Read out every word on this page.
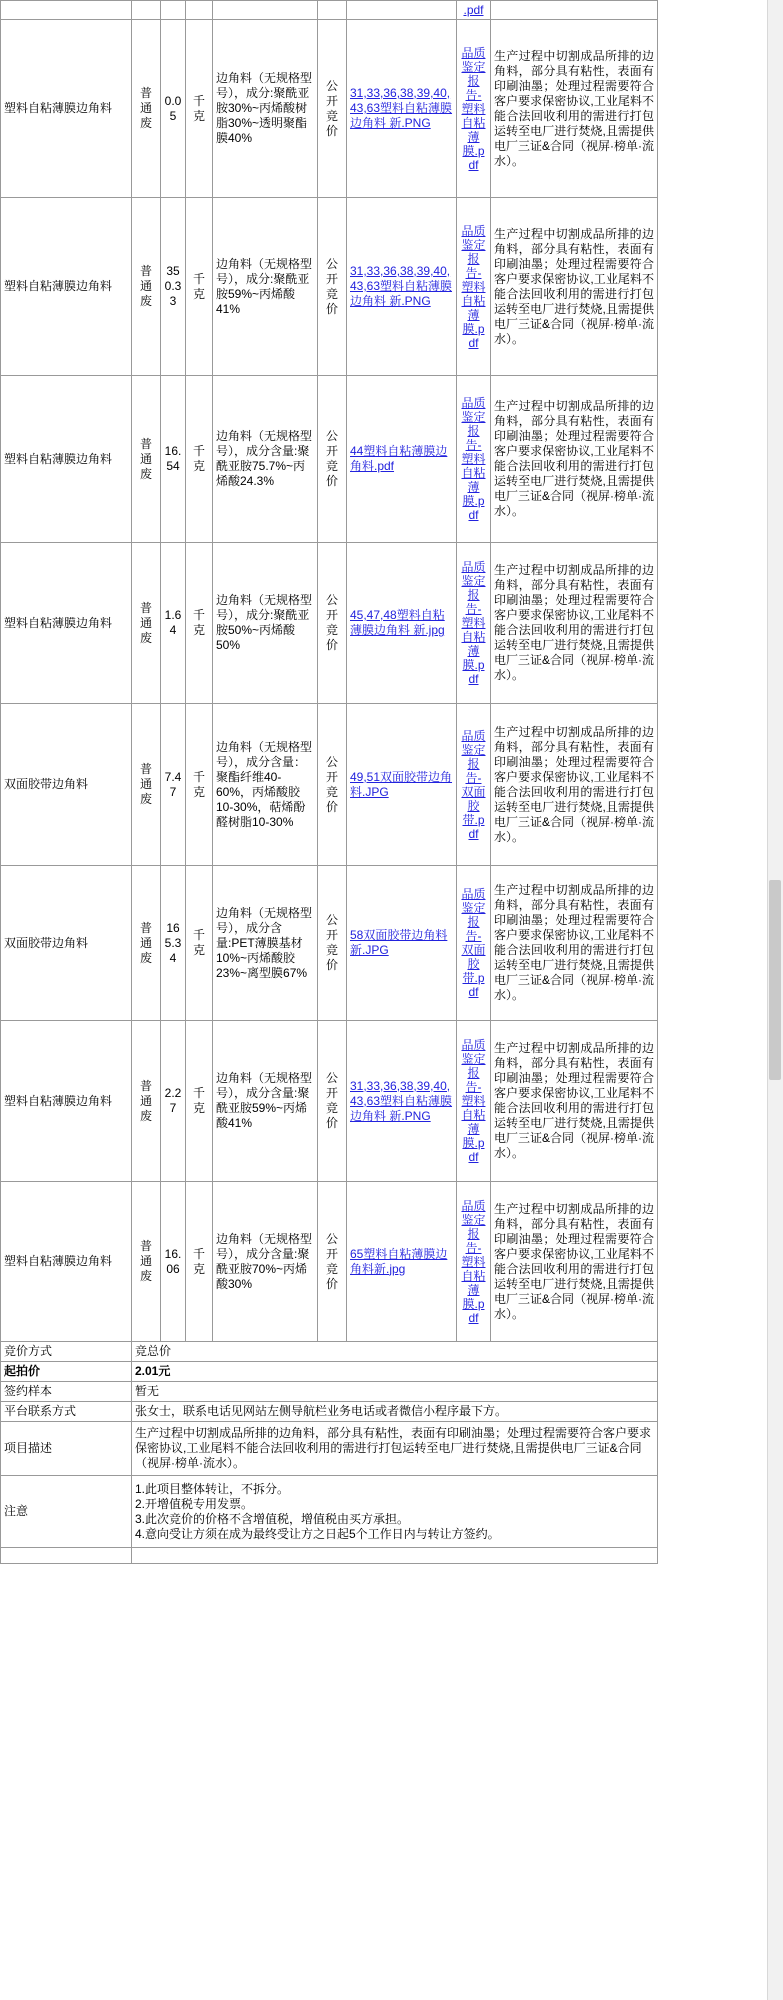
							.pdf	

塑料自粘薄膜边角料	普通废	0.05	千克	边角料（无规格型号），成分:聚酰亚胺30%~丙烯酸树脂30%~透明聚酯膜40%	公开竞价	31,33,36,38,39,40,43,63塑料自粘薄膜边角料 新.PNG	品质鉴定报告-塑料自粘薄膜.pdf	生产过程中切割成品所排的边角料，部分具有粘性，表面有印刷油墨；处理过程需要符合客户要求保密协议,工业尾料不能合法回收利用的需进行打包运转至电厂进行焚烧,且需提供电厂三证&合同（视屏·榜单·流水）。
塑料自粘薄膜边角料	普通废	350.33	千克	边角料（无规格型号），成分:聚酰亚胺59%~丙烯酸41%	公开竞价	31,33,36,38,39,40,43,63塑料自粘薄膜边角料 新.PNG	品质鉴定报告-塑料自粘薄膜.pdf	生产过程中切割成品所排的边角料，部分具有粘性，表面有印刷油墨；处理过程需要符合客户要求保密协议,工业尾料不能合法回收利用的需进行打包运转至电厂进行焚烧,且需提供电厂三证&合同（视屏·榜单·流水）。
塑料自粘薄膜边角料	普通废	16.54	千克	边角料（无规格型号），成分含量:聚酰亚胺75.7%~丙烯酸24.3%	公开竞价	44塑料自粘薄膜边角料.pdf	品质鉴定报告-塑料自粘薄膜.pdf	生产过程中切割成品所排的边角料，部分具有粘性，表面有印刷油墨；处理过程需要符合客户要求保密协议,工业尾料不能合法回收利用的需进行打包运转至电厂进行焚烧,且需提供电厂三证&合同（视屏·榜单·流水）。
塑料自粘薄膜边角料	普通废	1.64	千克	边角料（无规格型号），成分:聚酰亚胺50%~丙烯酸50%	公开竞价	45,47,48塑料自粘薄膜边角料 新.jpg	品质鉴定报告-塑料自粘薄膜.pdf	生产过程中切割成品所排的边角料，部分具有粘性，表面有印刷油墨；处理过程需要符合客户要求保密协议,工业尾料不能合法回收利用的需进行打包运转至电厂进行焚烧,且需提供电厂三证&合同（视屏·榜单·流水）。
双面胶带边角料	普通废	7.47	千克	边角料（无规格型号），成分含量：聚酯纤维40-60%，丙烯酸胶10-30%，萜烯酚醛树脂10-30%	公开竞价	49,51双面胶带边角料.JPG	品质鉴定报告-双面胶带.pdf	生产过程中切割成品所排的边角料，部分具有粘性，表面有印刷油墨；处理过程需要符合客户要求保密协议,工业尾料不能合法回收利用的需进行打包运转至电厂进行焚烧,且需提供电厂三证&合同（视屏·榜单·流水）。
双面胶带边角料	普通废	165.34	千克	边角料（无规格型号），成分含量:PET薄膜基材10%~丙烯酸胶23%~离型膜67%	公开竞价	58双面胶带边角料 新.JPG	品质鉴定报告-双面胶带.pdf	生产过程中切割成品所排的边角料，部分具有粘性，表面有印刷油墨；处理过程需要符合客户要求保密协议,工业尾料不能合法回收利用的需进行打包运转至电厂进行焚烧,且需提供电厂三证&合同（视屏·榜单·流水）。
塑料自粘薄膜边角料	普通废	2.27	千克	边角料（无规格型号），成分含量:聚酰亚胺59%~丙烯酸41%	公开竞价	31,33,36,38,39,40,43,63塑料自粘薄膜边角料 新.PNG	品质鉴定报告-塑料自粘薄膜.pdf	生产过程中切割成品所排的边角料，部分具有粘性，表面有印刷油墨；处理过程需要符合客户要求保密协议,工业尾料不能合法回收利用的需进行打包运转至电厂进行焚烧,且需提供电厂三证&合同（视屏·榜单·流水）。
塑料自粘薄膜边角料	普通废	16.06	千克	边角料（无规格型号），成分含量:聚酰亚胺70%~丙烯酸30%	公开竞价	65塑料自粘薄膜边角料新.jpg	品质鉴定报告-塑料自粘薄膜.pdf	生产过程中切割成品所排的边角料，部分具有粘性，表面有印刷油墨；处理过程需要符合客户要求保密协议,工业尾料不能合法回收利用的需进行打包运转至电厂进行焚烧,且需提供电厂三证&合同（视屏·榜单·流水）。
竞价方式	竞总价							
起拍价	2.01元							
签约样本	暂无							
平台联系方式	张女士，联系电话见网站左侧导航栏业务电话或者微信小程序最下方。							
项目描述	生产过程中切割成品所排的边角料，部分具有粘性，表面有印刷油墨；处理过程需要符合客户要求保密协议,工业尾料不能合法回收利用的需进行打包运转至电厂进行焚烧,且需提供电厂三证&合同（视屏·榜单·流水）。							
注意	1.此项目整体转让，不拆分。
2.开增值税专用发票。
3.此次竞价的价格不含增值税，增值税由买方承担。
4.意向受让方须在成为最终受让方之日起5个工作日内与转让方签约。							
